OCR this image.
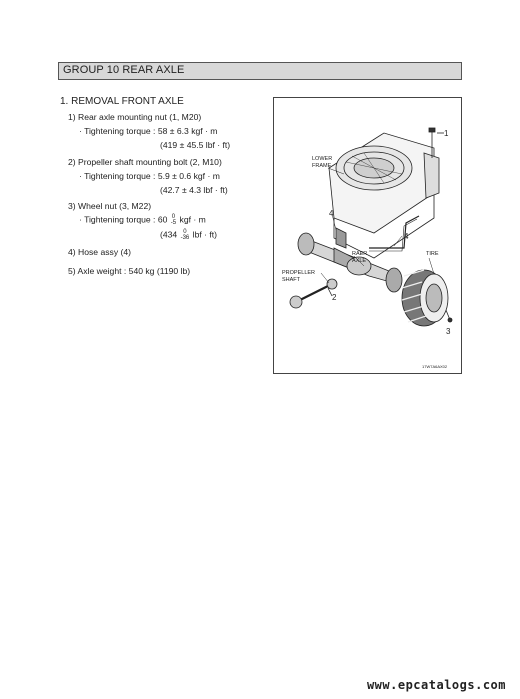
GROUP 10 REAR AXLE
1. REMOVAL FRONT AXLE
1) Rear axle mounting nut (1, M20)
· Tightening torque : 58 ± 6.3 kgf · m
(419 ± 45.5 lbf · ft)
2) Propeller shaft mounting bolt (2, M10)
· Tightening torque : 5.9 ± 0.6 kgf · m
(42.7 ± 4.3 lbf · ft)
3) Wheel nut (3, M22)
· Tightening torque : 60 0
-5 kgf · m
(434 0
-36 lbf · ft)
4) Hose assy (4)
5) Axle weight : 540 kg (1190 lb)
LOWER
FRAME
PROPELLER
SHAFT
RAER
AXLE
TIRE
17W7A6AX02
1
4
4
2
3
www.epcatalogs.com
